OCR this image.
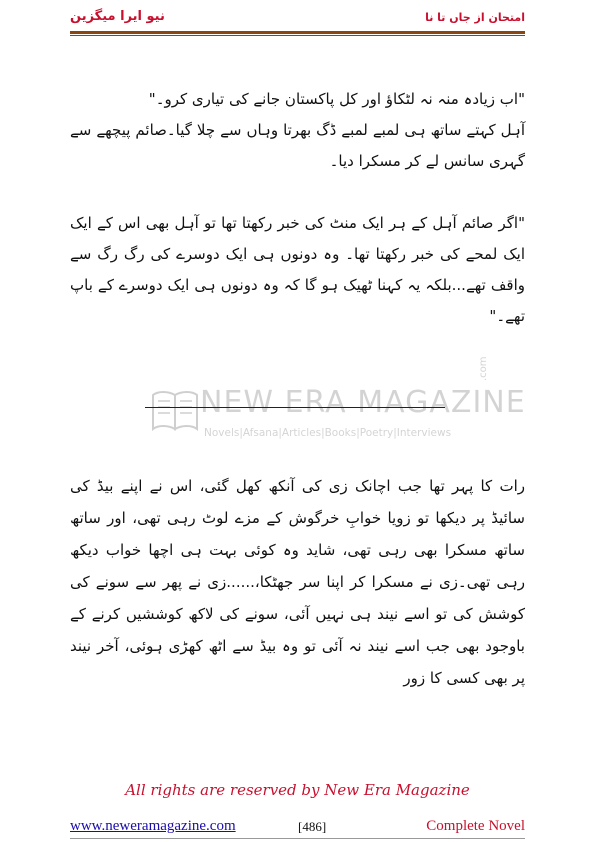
نیو ایرا میگزین	امتحان از جاں تا نا
"اب زیادہ منہ نہ لٹکاؤ اور کل پاکستان جانے کی تیاری کرو۔"
آہل کہتے ساتھ ہی لمبے لمبے ڈگ بھرتا وہاں سے چلا گیا۔صائم پیچھے سے گہری سانس لے کر مسکرا دیا۔
"اگر صائم آہل کے ہر ایک منٹ کی خبر رکھتا تھا تو آہل بھی اس کے ایک ایک لمحے کی خبر رکھتا تھا۔ وہ دونوں ہی ایک دوسرے کی رگ رگ سے واقف تھے...بلکہ یہ کہنا ٹھیک ہو گا کہ وہ دونوں ہی ایک دوسرے کے باپ تھے۔"
NEW ERA MAGAZINE
.com
Novels|Afsana|Articles|Books|Poetry|Interviews
رات کا پہر تھا جب اچانک زی کی آنکھ کھل گئی، اس نے اپنے بیڈ کی سائیڈ پر دیکھا تو زویا خوابِ خرگوش کے مزے لوٹ رہی تھی، اور ساتھ ساتھ مسکرا بھی رہی تھی، شاید وہ کوئی بہت ہی اچھا خواب دیکھ رہی تھی۔زی نے مسکرا کر اپنا سر جھٹکا،......زی نے پھر سے سونے کی کوشش کی تو اسے نیند ہی نہیں آئی، سونے کی لاکھ کوششیں کرنے کے باوجود بھی جب اسے نیند نہ آئی تو وہ بیڈ سے اٹھ کھڑی ہوئی، آخر نیند پر بھی کسی کا زور
All rights are reserved by New Era Magazine
www.neweramagazine.com	[486]	Complete Novel
